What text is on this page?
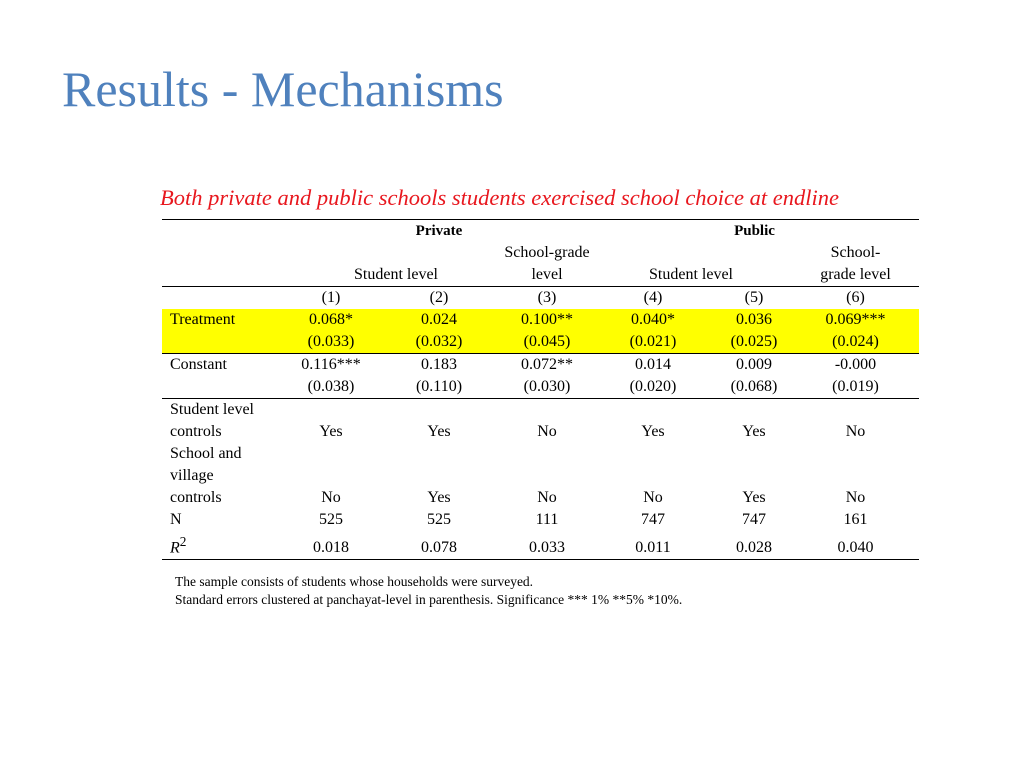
Results - Mechanisms
Both private and public schools students exercised school choice at endline
	Private			Public		
			School-grade			School-
	Student level		level	Student level		grade level
	(1)	(2)	(3)	(4)	(5)	(6)
Treatment	0.068*	0.024	0.100**	0.040*	0.036	0.069***
	(0.033)	(0.032)	(0.045)	(0.021)	(0.025)	(0.024)
Constant	0.116***	0.183	0.072**	0.014	0.009	-0.000
	(0.038)	(0.110)	(0.030)	(0.020)	(0.068)	(0.019)
Student level						
controls	Yes	Yes	No	Yes	Yes	No
School and						
village						
controls	No	Yes	No	No	Yes	No
N	525	525	111	747	747	161
$R^2$	0.018	0.078	0.033	0.011	0.028	0.040
The sample consists of students whose households were surveyed.
Standard errors clustered at panchayat-level in parenthesis. Significance *** 1% **5% *10%.
